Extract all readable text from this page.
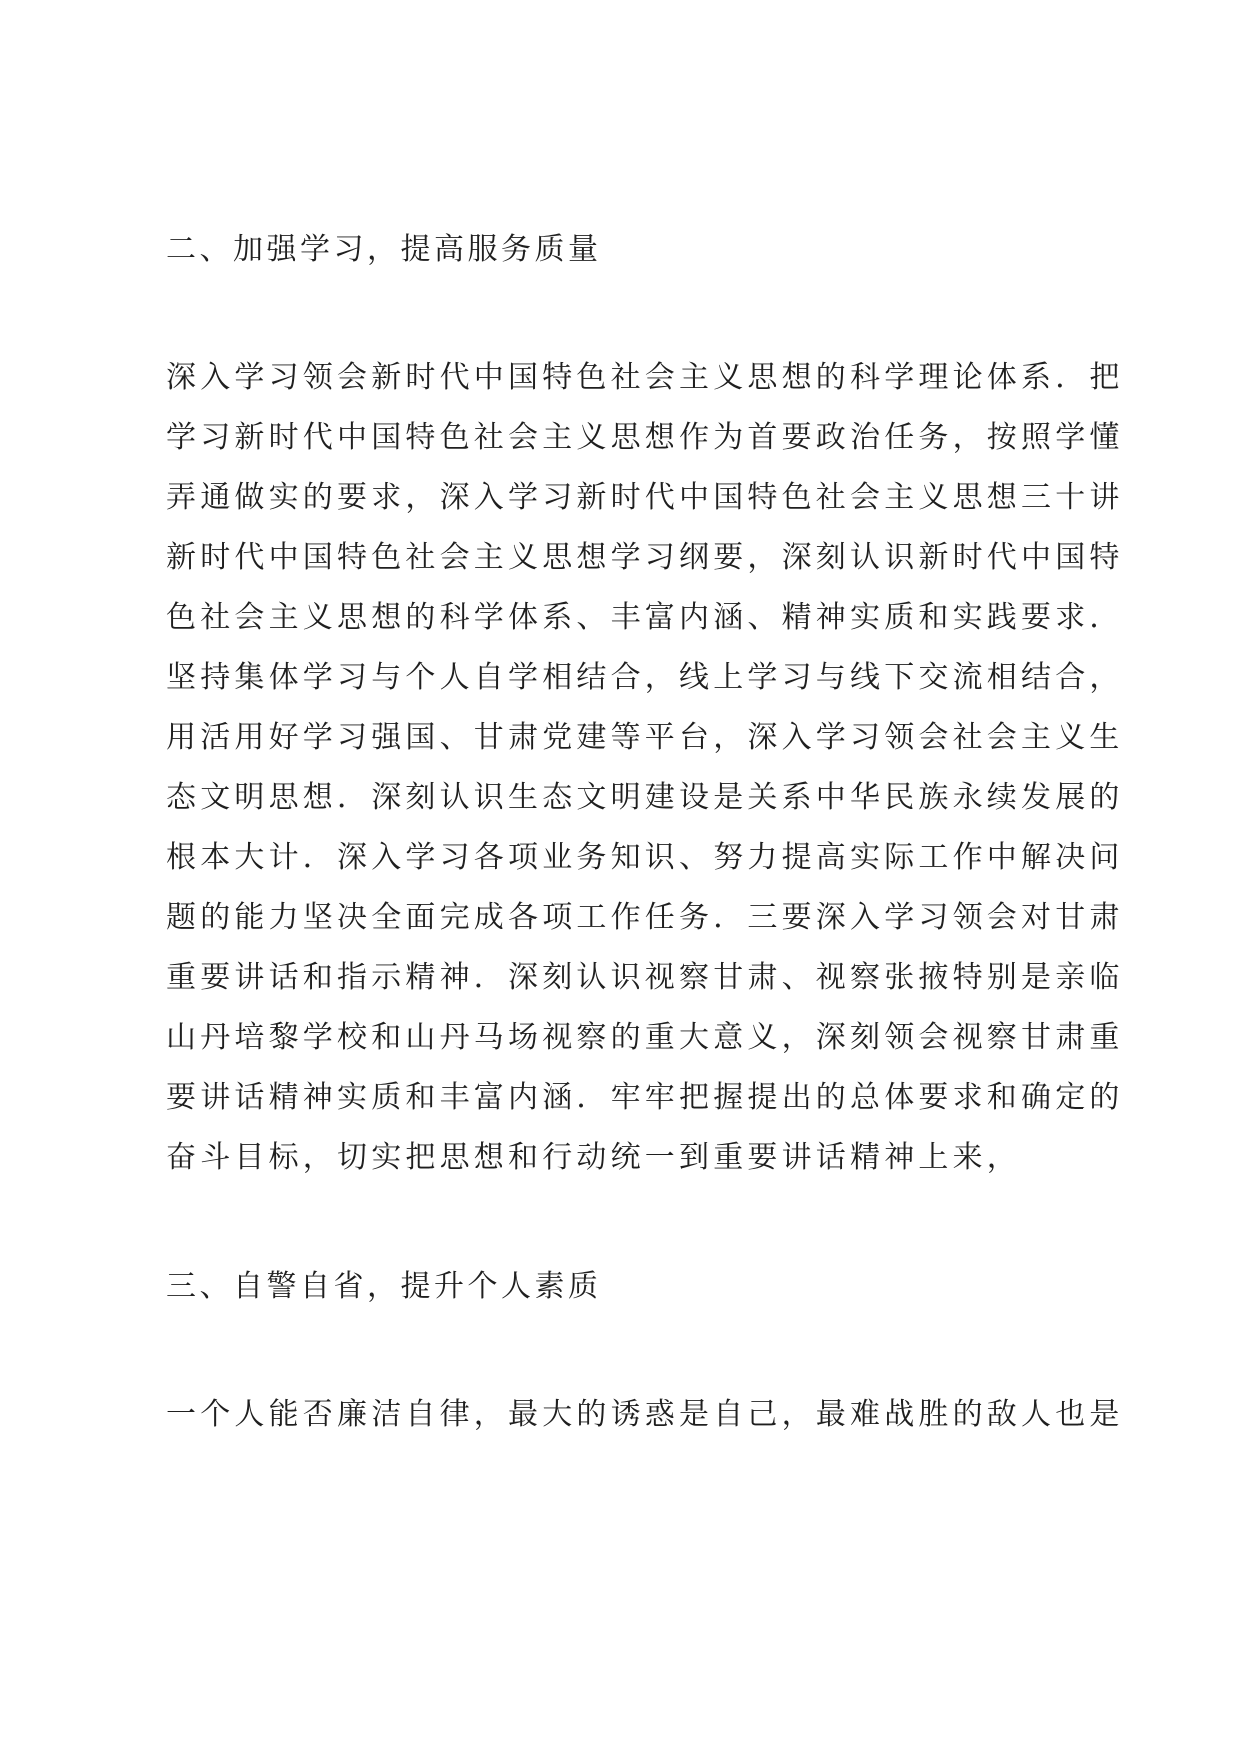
二、加强学习，提高服务质量
深入学习领会新时代中国特色社会主义思想的科学理论体系．把
学习新时代中国特色社会主义思想作为首要政治任务，按照学懂
弄通做实的要求，深入学习新时代中国特色社会主义思想三十讲
新时代中国特色社会主义思想学习纲要，深刻认识新时代中国特
色社会主义思想的科学体系、丰富内涵、精神实质和实践要求．
坚持集体学习与个人自学相结合，线上学习与线下交流相结合，
用活用好学习强国、甘肃党建等平台，深入学习领会社会主义生
态文明思想．深刻认识生态文明建设是关系中华民族永续发展的
根本大计．深入学习各项业务知识、努力提高实际工作中解决问
题的能力坚决全面完成各项工作任务．三要深入学习领会对甘肃
重要讲话和指示精神．深刻认识视察甘肃、视察张掖特别是亲临
山丹培黎学校和山丹马场视察的重大意义，深刻领会视察甘肃重
要讲话精神实质和丰富内涵．牢牢把握提出的总体要求和确定的
奋斗目标，切实把思想和行动统一到重要讲话精神上来，
三、自警自省，提升个人素质
一个人能否廉洁自律，最大的诱惑是自己，最难战胜的敌人也是
